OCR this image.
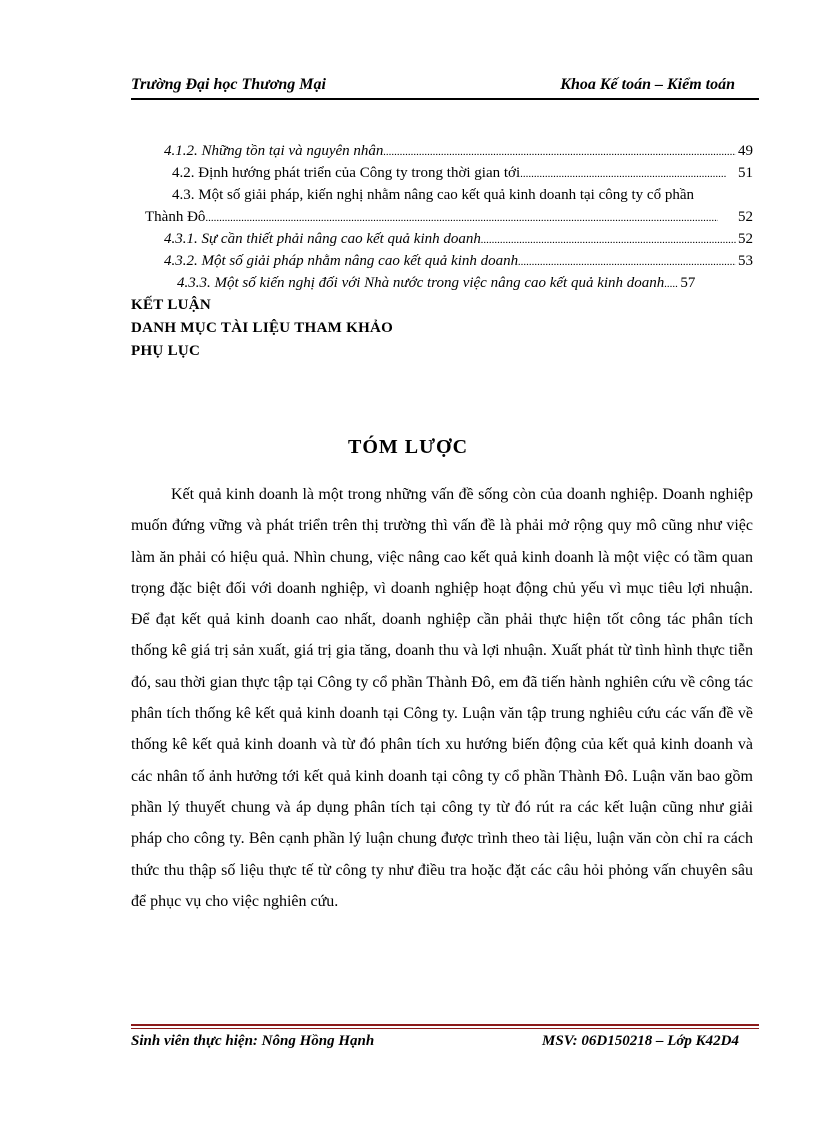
Trường Đại học Thương Mại	Khoa Kế toán – Kiểm toán
4.1.2. Những tồn tại và nguyên nhân .....	49
4.2. Định hướng phát triển của Công ty trong thời gian tới .....	51
4.3. Một số giải pháp, kiến nghị nhằm nâng cao kết quả kinh doanh tại công ty cổ phần
Thành Đô .....	52
4.3.1. Sự cần thiết phải nâng cao kết quả kinh doanh .....	52
4.3.2. Một số giải pháp nhằm nâng cao kết quả kinh doanh .....	53
4.3.3. Một số kiến nghị đối với Nhà nước trong việc nâng cao kết quả kinh doanh ..... 57
KẾT LUẬN
DANH MỤC TÀI LIỆU THAM KHẢO
PHỤ LỤC
TÓM LƯỢC

Kết quả kinh doanh là một trong những vấn đề sống còn của doanh nghiệp. Doanh nghiệp muốn đứng vững và phát triển trên thị trường thì vấn đề là phải mở rộng quy mô cũng như việc làm ăn phải có hiệu quả. Nhìn chung, việc nâng cao kết quả kinh doanh là một việc có tầm quan trọng đặc biệt đối với doanh nghiệp, vì doanh nghiệp hoạt động chủ yếu vì mục tiêu lợi nhuận. Để đạt kết quả kinh doanh cao nhất, doanh nghiệp cần phải thực hiện tốt công tác phân tích thống kê giá trị sản xuất, giá trị gia tăng, doanh thu và lợi nhuận. Xuất phát từ tình hình thực tiễn đó, sau thời gian thực tập tại Công ty cổ phần Thành Đô, em đã tiến hành nghiên cứu về công tác phân tích thống kê kết quả kinh doanh tại Công ty. Luận văn tập trung nghiêu cứu các vấn đề về thống kê kết quả kinh doanh và từ đó phân tích xu hướng biến động của kết quả kinh doanh và các nhân tố ảnh hưởng tới kết quả kinh doanh tại công ty cổ phần Thành Đô. Luận văn bao gồm phần lý thuyết chung và áp dụng phân tích tại công ty từ đó rút ra các kết luận cũng như giải pháp cho công ty. Bên cạnh phần lý luận chung được trình theo tài liệu, luận văn còn chỉ ra cách thức thu thập số liệu thực tế từ công ty như điều tra hoặc đặt các câu hỏi phỏng vấn chuyên sâu để phục vụ cho việc nghiên cứu.

Sinh viên thực hiện: Nông Hồng Hạnh	MSV: 06D150218 – Lớp K42D4
